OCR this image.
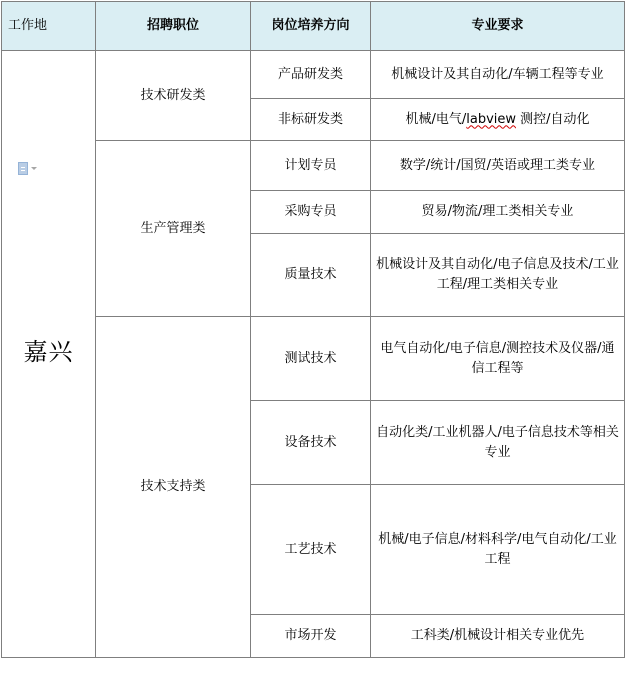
工作地	招聘职位	岗位培养方向	专业要求

嘉兴	技术研发类	产品研发类	机械设计及其自动化/车辆工程等专业
		非标研发类	机械/电气/labview 测控/自动化
	生产管理类	计划专员	数学/统计/国贸/英语或理工类专业
		采购专员	贸易/物流/理工类相关专业
		质量技术	机械设计及其自动化/电子信息及技术/工业工程/理工类相关专业
	技术支持类	测试技术	电气自动化/电子信息/测控技术及仪器/通信工程等
		设备技术	自动化类/工业机器人/电子信息技术等相关专业
		工艺技术	机械/电子信息/材料科学/电气自动化/工业工程
		市场开发	工科类/机械设计相关专业优先
